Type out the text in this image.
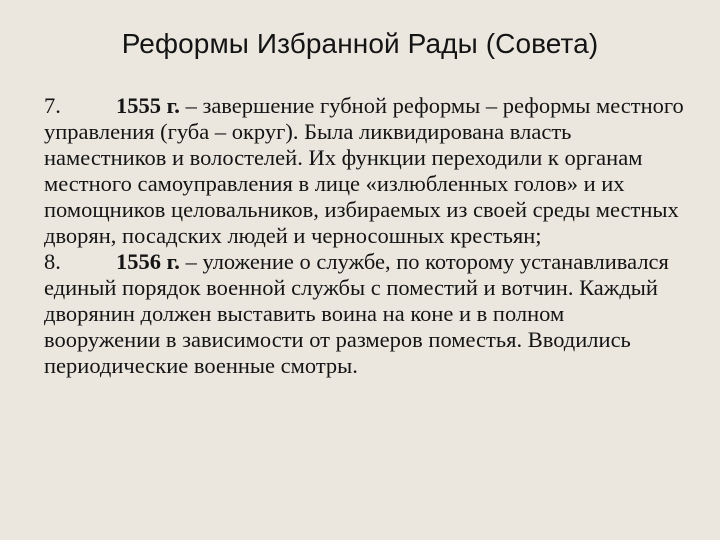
Реформы Избранной Рады (Совета)

7. 1555 г. – завершение губной реформы – реформы местного управления (губа – округ). Была ликвидирована власть наместников и волостелей. Их функции переходили к органам местного самоуправления в лице «излюбленных голов» и их помощников целовальников, избираемых из своей среды местных дворян, посадских людей и черносошных крестьян;

8. 1556 г. – уложение о службе, по которому устанавливался единый порядок военной службы с поместий и вотчин. Каждый дворянин должен выставить воина на коне и в полном вооружении в зависимости от размеров поместья. Вводились периодические военные смотры.
